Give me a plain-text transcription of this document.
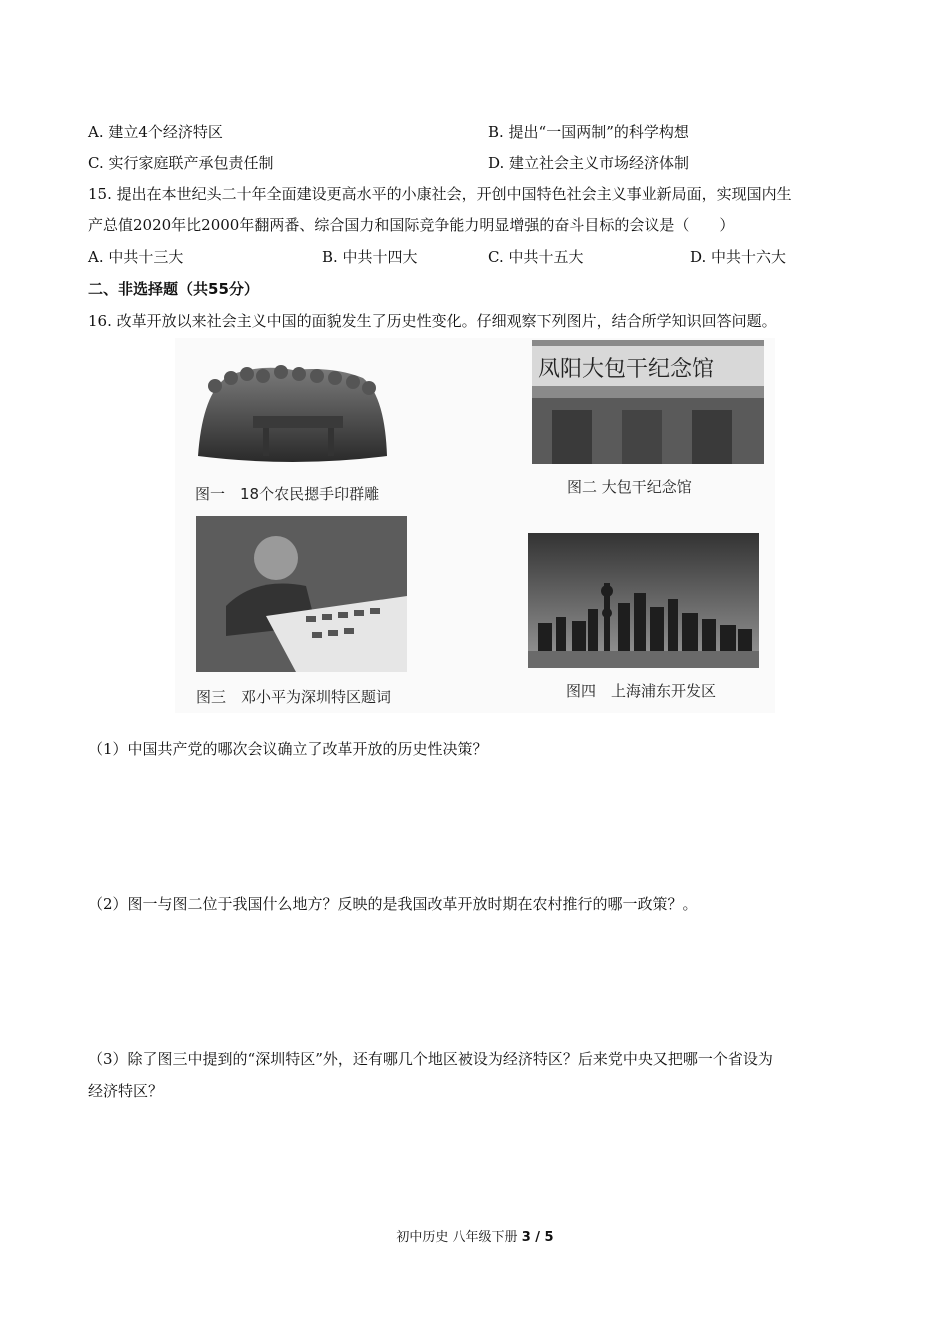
A. 建立4个经济特区	B. 提出“一国两制”的科学构想
C. 实行家庭联产承包责任制	D. 建立社会主义市场经济体制
15. 提出在本世纪头二十年全面建设更高水平的小康社会，开创中国特色社会主义事业新局面，实现国内生
产总值2020年比2000年翻两番、综合国力和国际竞争能力明显增强的奋斗目标的会议是（　　）
A. 中共十三大	B. 中共十四大	C. 中共十五大	D. 中共十六大
二、非选择题（共55分）
16. 改革开放以来社会主义中国的面貌发生了历史性变化。仔细观察下列图片，结合所学知识回答问题。
图一　18个农民摁手印群雕
凤阳大包干纪念馆
图二 大包干纪念馆
图三　邓小平为深圳特区题词	图四　上海浦东开发区
（1）中国共产党的哪次会议确立了改革开放的历史性决策？
（2）图一与图二位于我国什么地方？反映的是我国改革开放时期在农村推行的哪一政策？。
（3）除了图三中提到的“深圳特区”外，还有哪几个地区被设为经济特区？后来党中央又把哪一个省设为
经济特区？
初中历史 八年级下册 3 / 5
